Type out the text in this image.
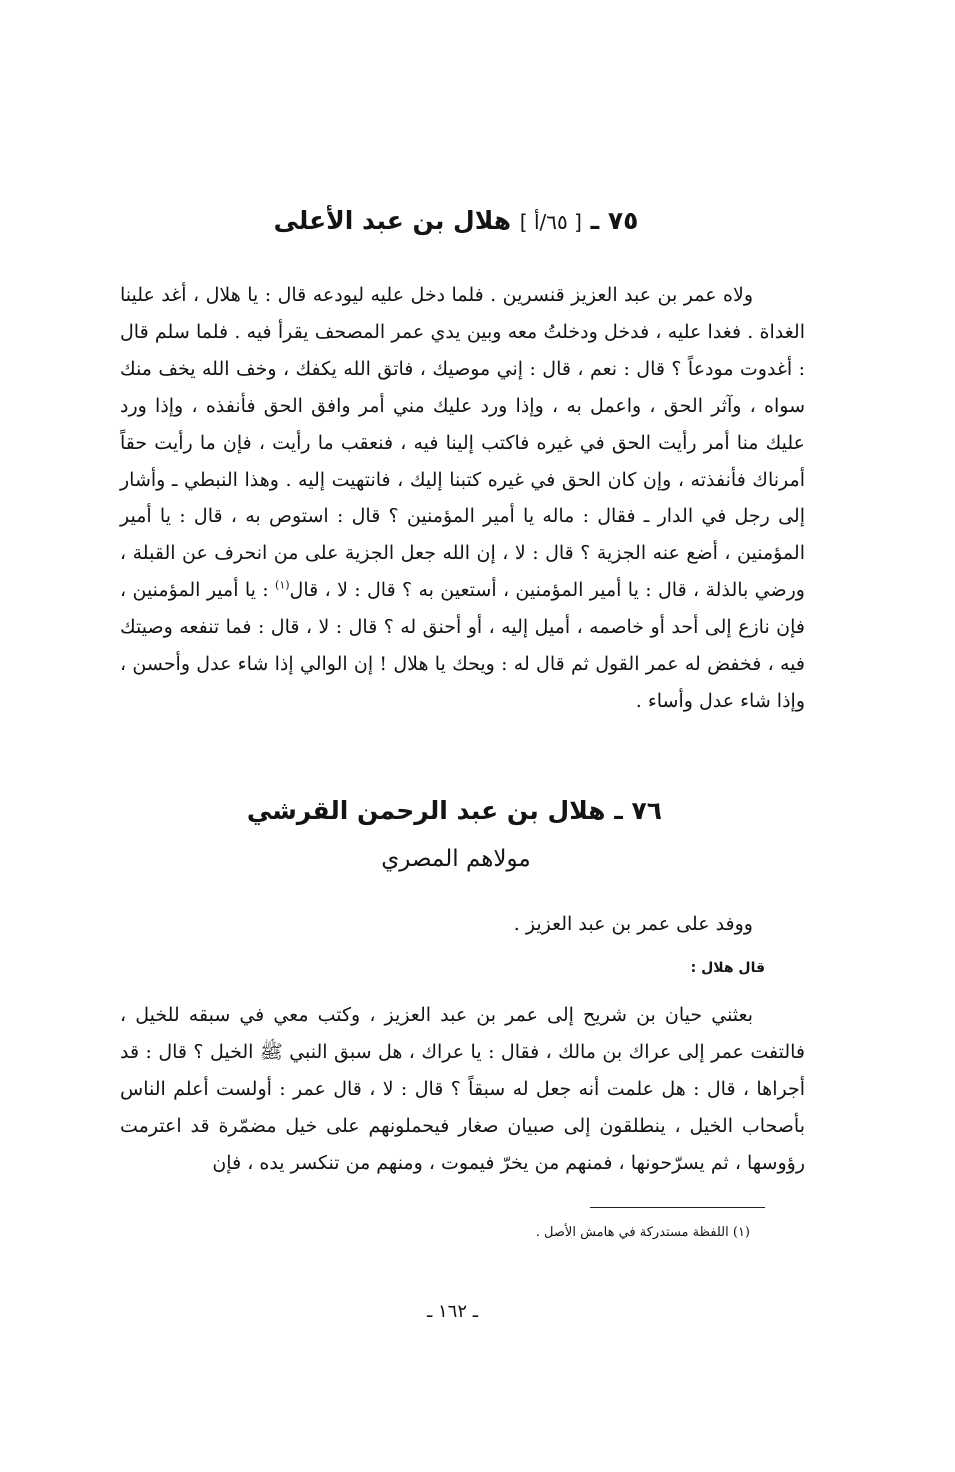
٧٥ ـ [ ٦٥/أ ] هلال بن عبد الأعلى

ولاه عمر بن عبد العزيز قنسرين . فلما دخل عليه ليودعه قال : يا هلال ، أغد علينا الغداة . فغدا عليه ، فدخل ودخلتُ معه وبين يدي عمر المصحف يقرأ فيه . فلما سلم قال : أغدوت مودعاً ؟ قال : نعم ، قال : إني موصيك ، فاتق الله يكفك ، وخف الله يخف منك سواه ، وآثر الحق ، واعمل به ، وإذا ورد عليك مني أمر وافق الحق فأنفذه ، وإذا ورد عليك منا أمر رأيت الحق في غيره فاكتب إلينا فيه ، فنعقب ما رأيت ، فإن ما رأيت حقاً أمرناك فأنفذته ، وإن كان الحق في غيره كتبنا إليك ، فانتهيت إليه . وهذا النبطي ـ وأشار إلى رجل في الدار ـ فقال : ماله يا أمير المؤمنين ؟ قال : استوص به ، قال : يا أمير المؤمنين ، أضع عنه الجزية ؟ قال : لا ، إن الله جعل الجزية على من انحرف عن القبلة ، ورضي بالذلة ، قال : يا أمير المؤمنين ، أستعين به ؟ قال : لا ، قال$^{(١)}$ : يا أمير المؤمنين ، فإن نازع إلى أحد أو خاصمه ، أميل إليه ، أو أحنق له ؟ قال : لا ، قال : فما تنفعه وصيتك فيه ، فخفض له عمر القول ثم قال له : ويحك يا هلال ! إن الوالي إذا شاء عدل وأحسن ، وإذا شاء عدل وأساء .

٧٦ ـ هلال بن عبد الرحمن القرشي
مولاهم المصري

ووفد على عمر بن عبد العزيز .

قال هلال :

بعثني حيان بن شريح إلى عمر بن عبد العزيز ، وكتب معي في سبقه للخيل ، فالتفت عمر إلى عراك بن مالك ، فقال : يا عراك ، هل سبق النبي ﷺ الخيل ؟ قال : قد أجراها ، قال : هل علمت أنه جعل له سبقاً ؟ قال : لا ، قال عمر : أولست أعلم الناس بأصحاب الخيل ، ينطلقون إلى صبيان صغار فيحملونهم على خيل مضمّرة قد اعترمت رؤوسها ، ثم يسرّحونها ، فمنهم من يخرّ فيموت ، ومنهم من تنكسر يده ، فإن

(١) اللفظة مستدركة في هامش الأصل .
ـ ١٦٢ ـ
